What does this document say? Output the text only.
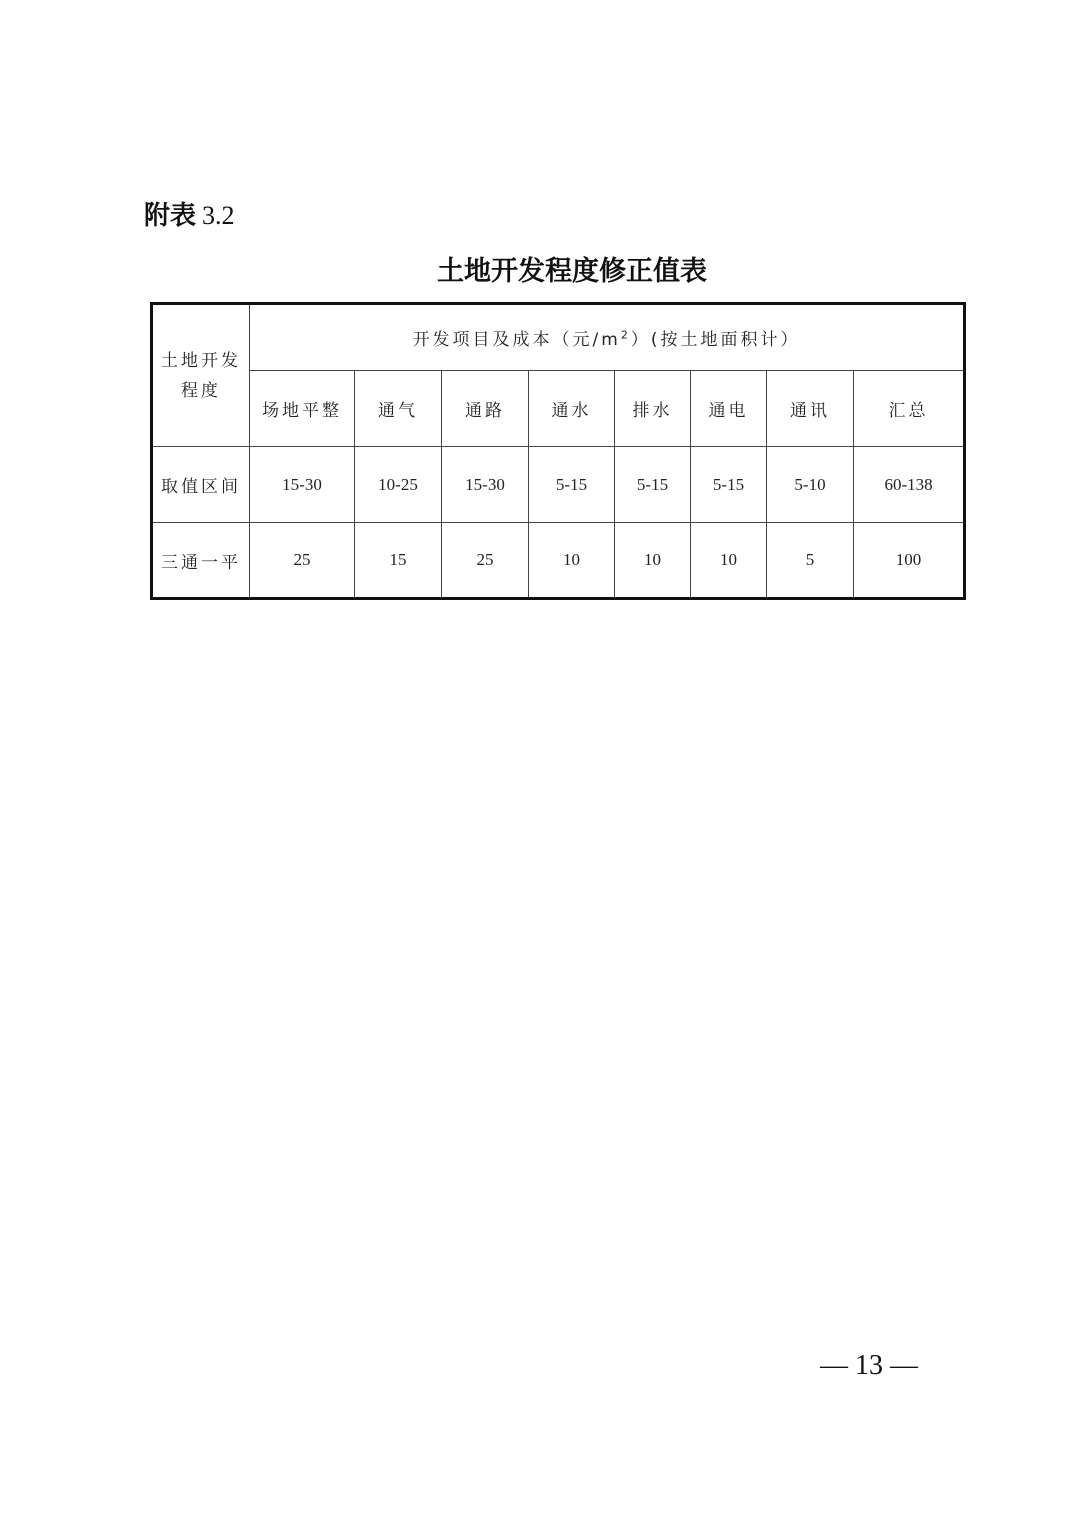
附表 3.2
土地开发程度修正值表
土地开发
程度	开发项目及成本（元$/m^2$）(按土地面积计）							
	场地平整	通气	通路	通水	排水	通电	通讯	汇总
取值区间	15-30	10-25	15-30	5-15	5-15	5-15	5-10	60-138
三通一平	25	15	25	10	10	10	5	100
— 13 —
